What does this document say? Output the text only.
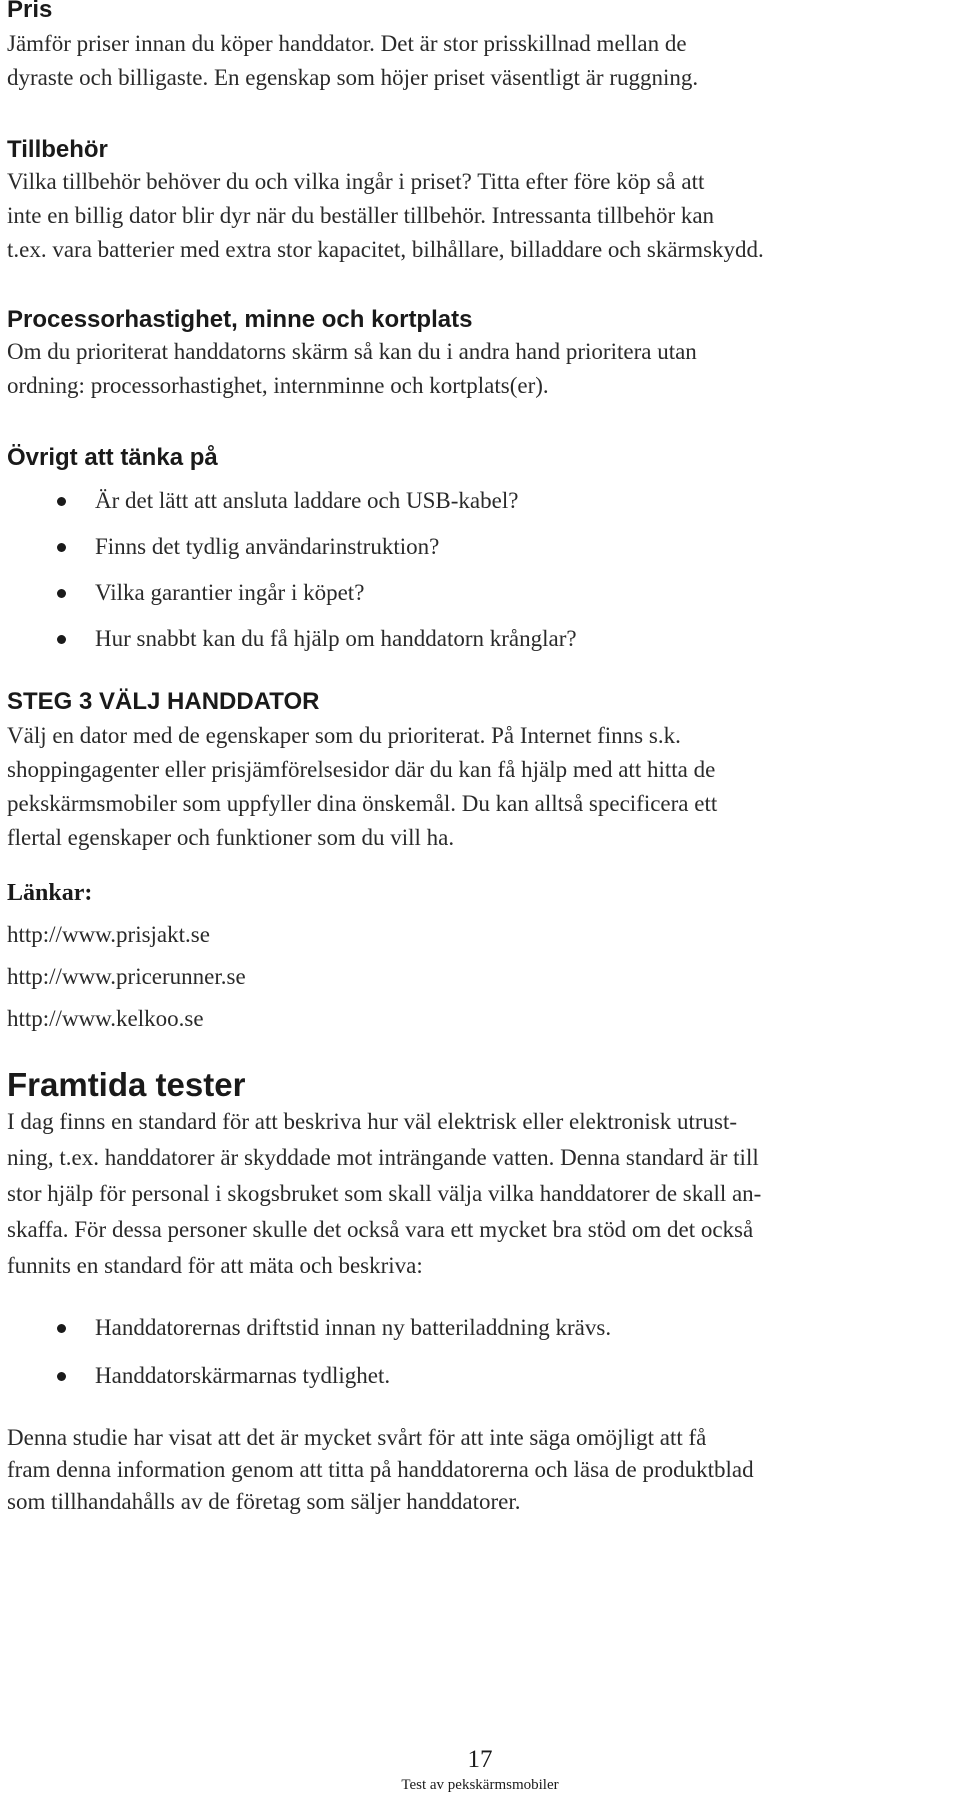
Pris

Jämför priser innan du köper handdator. Det är stor prisskillnad mellan de

dyraste och billigaste. En egenskap som höjer priset väsentligt är ruggning.

Tillbehör

Vilka tillbehör behöver du och vilka ingår i priset? Titta efter före köp så att

inte en billig dator blir dyr när du beställer tillbehör. Intressanta tillbehör kan

t.ex. vara batterier med extra stor kapacitet, bilhållare, billaddare och skärmskydd.

Processorhastighet, minne och kortplats

Om du prioriterat handdatorns skärm så kan du i andra hand prioritera utan

ordning: processorhastighet, internminne och kortplats(er).

Övrigt att tänka på
Är det lätt att ansluta laddare och USB-kabel?
Finns det tydlig användarinstruktion?
Vilka garantier ingår i köpet?
Hur snabbt kan du få hjälp om handdatorn krånglar?
STEG 3 VÄLJ HANDDATOR

Välj en dator med de egenskaper som du prioriterat. På Internet finns s.k.

shoppingagenter eller prisjämförelsesidor där du kan få hjälp med att hitta de

pekskärmsmobiler som uppfyller dina önskemål. Du kan alltså specificera ett

flertal egenskaper och funktioner som du vill ha.

Länkar:
http://www.prisjakt.se
http://www.pricerunner.se
http://www.kelkoo.se
Framtida tester

I dag finns en standard för att beskriva hur väl elektrisk eller elektronisk utrust-

ning, t.ex. handdatorer är skyddade mot inträngande vatten. Denna standard är till

stor hjälp för personal i skogsbruket som skall välja vilka handdatorer de skall an-

skaffa. För dessa personer skulle det också vara ett mycket bra stöd om det också

funnits en standard för att mäta och beskriva:

Handdatorernas driftstid innan ny batteriladdning krävs.
Handdatorskärmarnas tydlighet.

Denna studie har visat att det är mycket svårt för att inte säga omöjligt att få

fram denna information genom att titta på handdatorerna och läsa de produktblad

som tillhandahålls av de företag som säljer handdatorer.

17
Test av pekskärmsmobiler
